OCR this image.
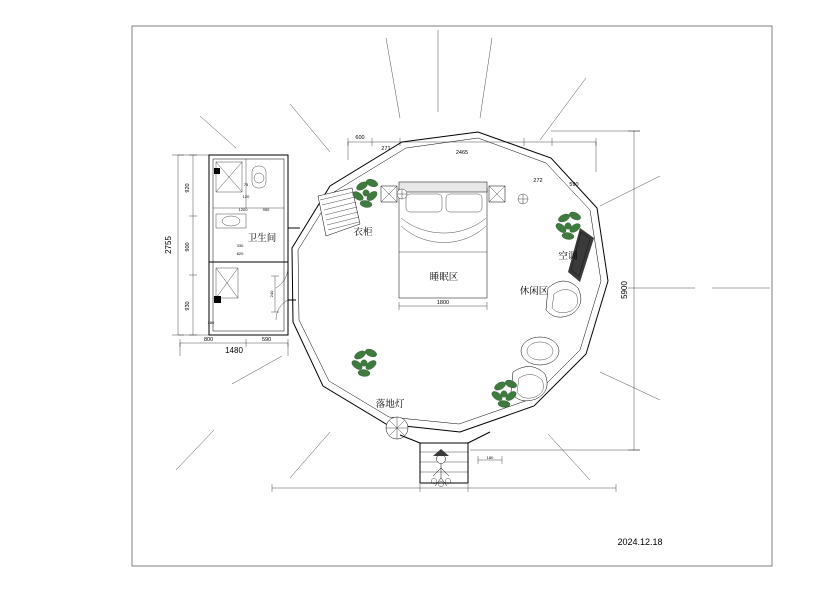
800	590
卫生间
衣柜
睡眠区
空调
休闲区
落地灯
5900
2755
1480
1800
600
271
2465
272
590
920
900
930
330
820
380
240
180
75
120
1200	950
2024.12.18
